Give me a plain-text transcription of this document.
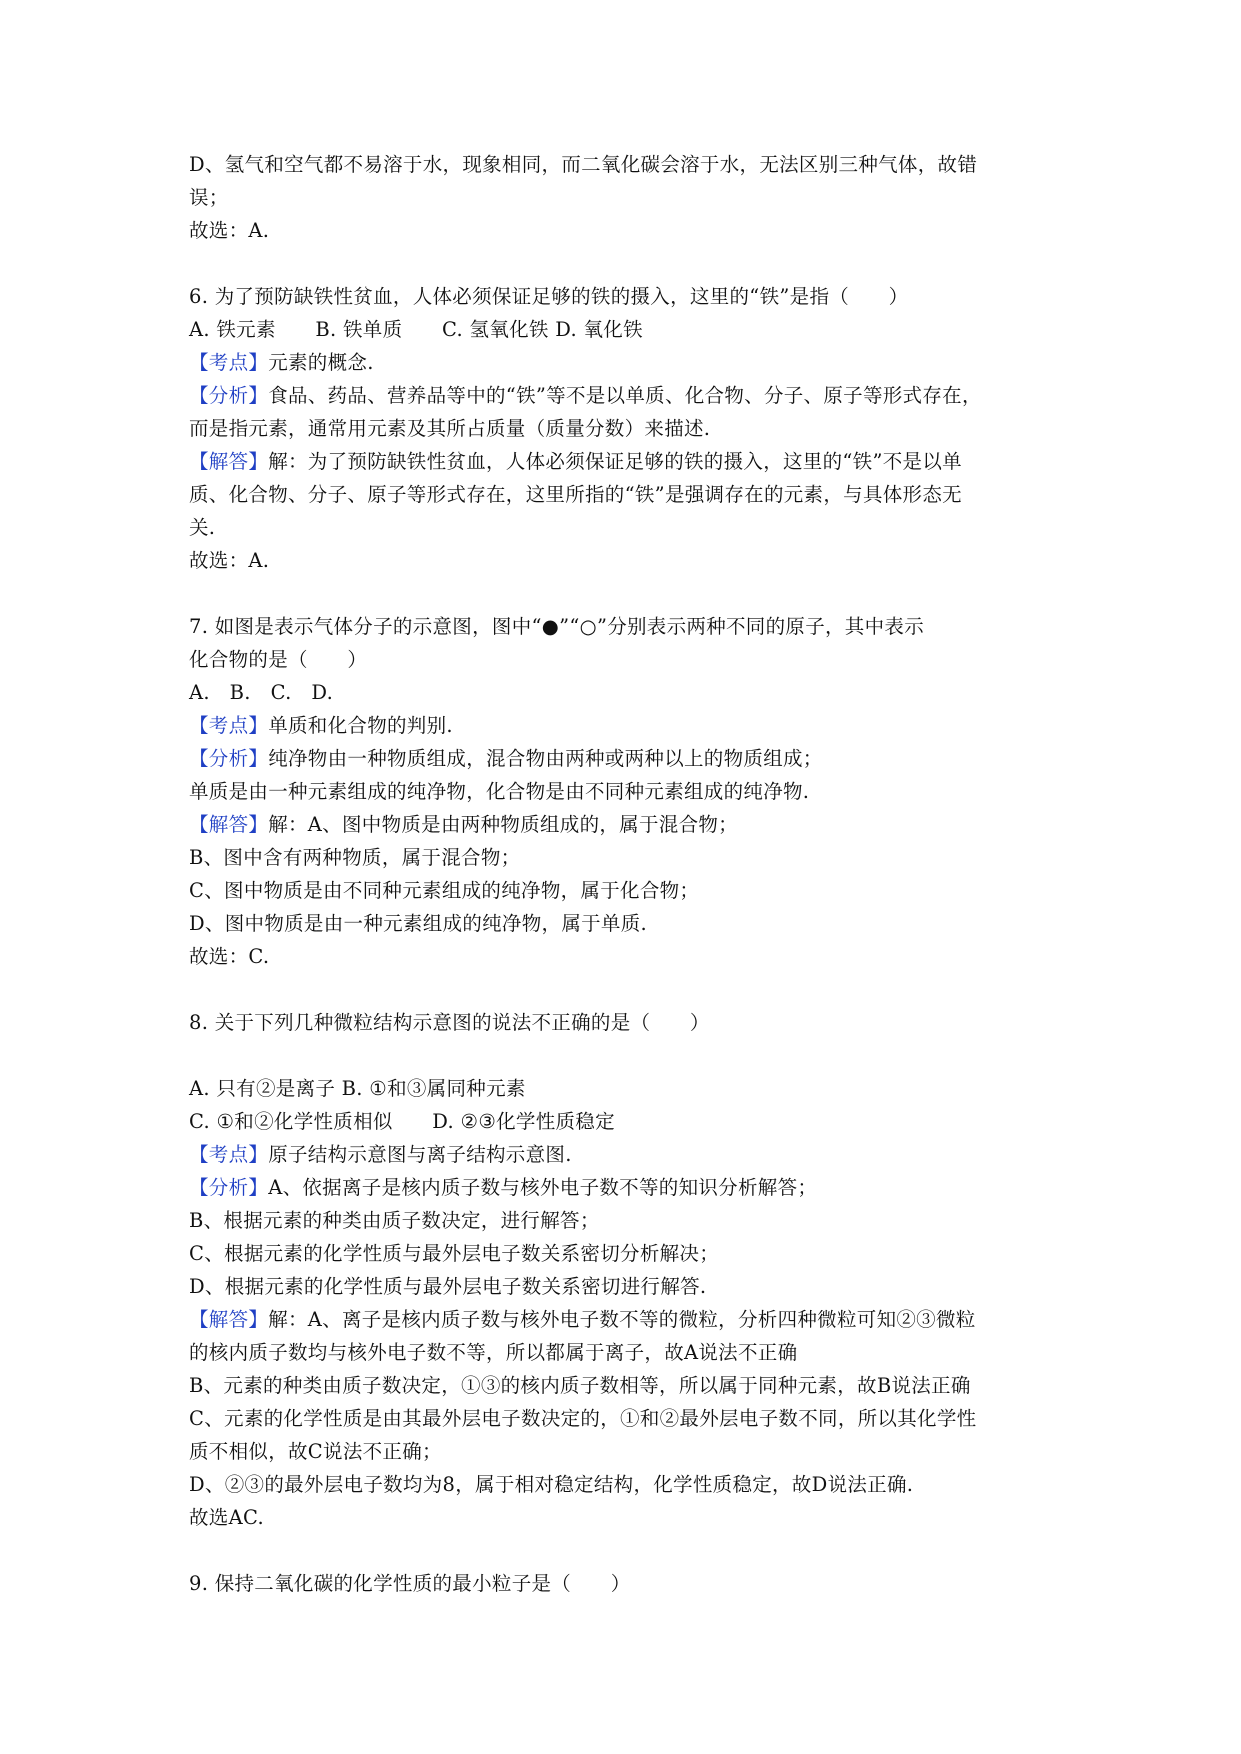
D、氢气和空气都不易溶于水，现象相同，而二氧化碳会溶于水，无法区别三种气体，故错
误；
故选：A.
6. 为了预防缺铁性贫血，人体必须保证足够的铁的摄入，这里的“铁”是指（　　）
A. 铁元素　　B. 铁单质　　C. 氢氧化铁 D. 氧化铁
【考点】元素的概念.
【分析】食品、药品、营养品等中的“铁”等不是以单质、化合物、分子、原子等形式存在，
而是指元素，通常用元素及其所占质量（质量分数）来描述.
【解答】解：为了预防缺铁性贫血，人体必须保证足够的铁的摄入，这里的“铁”不是以单
质、化合物、分子、原子等形式存在，这里所指的“铁”是强调存在的元素，与具体形态无
关.
故选：A.
7. 如图是表示气体分子的示意图，图中“●”“○”分别表示两种不同的原子，其中表示
化合物的是（　　）
A.　B.　C.　D.
【考点】单质和化合物的判别.
【分析】纯净物由一种物质组成，混合物由两种或两种以上的物质组成；
单质是由一种元素组成的纯净物，化合物是由不同种元素组成的纯净物.
【解答】解：A、图中物质是由两种物质组成的，属于混合物；
B、图中含有两种物质，属于混合物；
C、图中物质是由不同种元素组成的纯净物，属于化合物；
D、图中物质是由一种元素组成的纯净物，属于单质.
故选：C.
8. 关于下列几种微粒结构示意图的说法不正确的是（　　）
A. 只有②是离子 B. ①和③属同种元素
C. ①和②化学性质相似　　D. ②③化学性质稳定
【考点】原子结构示意图与离子结构示意图.
【分析】A、依据离子是核内质子数与核外电子数不等的知识分析解答；
B、根据元素的种类由质子数决定，进行解答；
C、根据元素的化学性质与最外层电子数关系密切分析解决；
D、根据元素的化学性质与最外层电子数关系密切进行解答.
【解答】解：A、离子是核内质子数与核外电子数不等的微粒，分析四种微粒可知②③微粒
的核内质子数均与核外电子数不等，所以都属于离子，故A说法不正确
B、元素的种类由质子数决定，①③的核内质子数相等，所以属于同种元素，故B说法正确
C、元素的化学性质是由其最外层电子数决定的，①和②最外层电子数不同，所以其化学性
质不相似，故C说法不正确；
D、②③的最外层电子数均为8，属于相对稳定结构，化学性质稳定，故D说法正确.
故选AC.
9. 保持二氧化碳的化学性质的最小粒子是（　　）
